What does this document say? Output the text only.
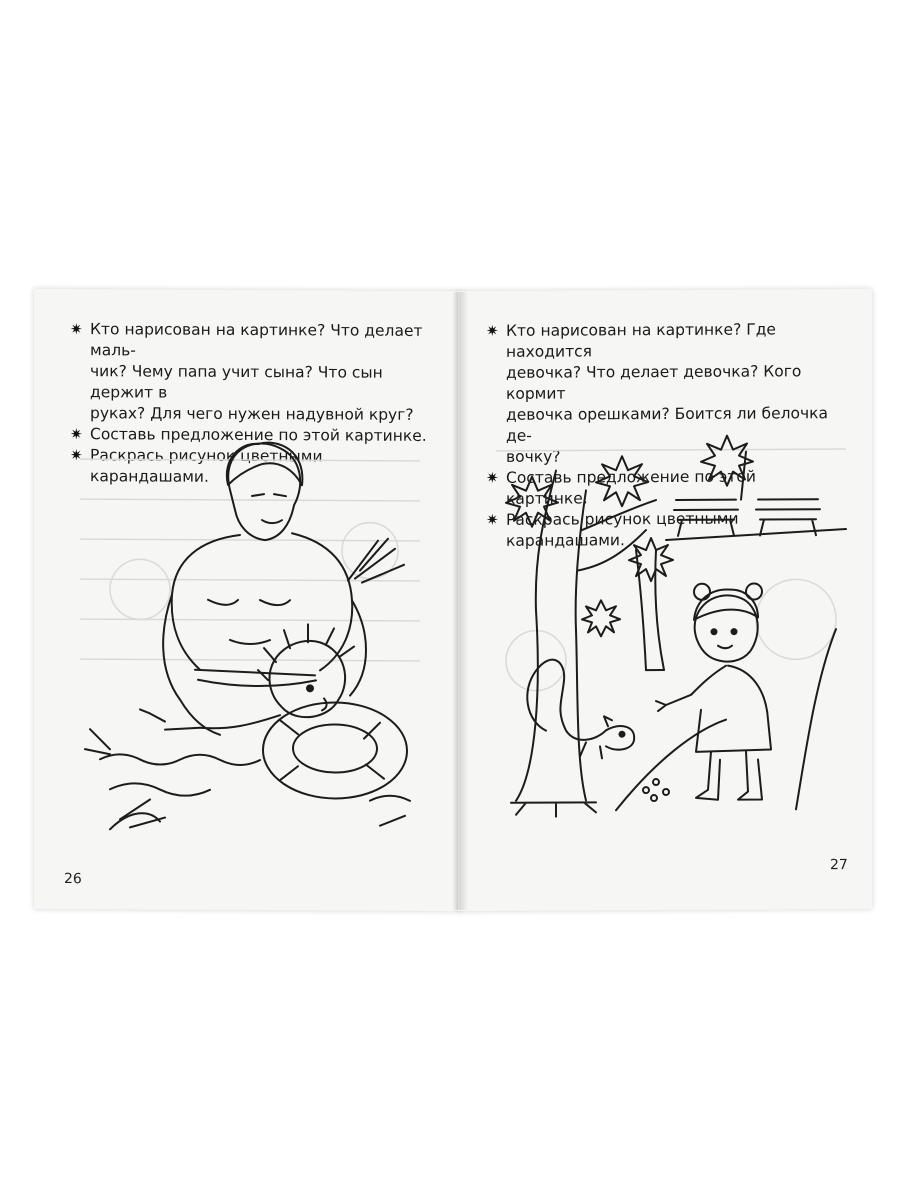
✷ Кто нарисован на картинке? Что делает маль-
чик? Чему папа учит сына? Что сын держит в
руках? Для чего нужен надувной круг?
✷ Составь предложение по этой картинке.
✷ Раскрась рисунок цветными карандашами.
26
✷ Кто нарисован на картинке? Где находится
девочка? Что делает девочка? Кого кормит
девочка орешками? Боится ли белочка де-
вочку?
✷ Составь предложение по этой картинке.
✷ Раскрась рисунок цветными карандашами.
27
